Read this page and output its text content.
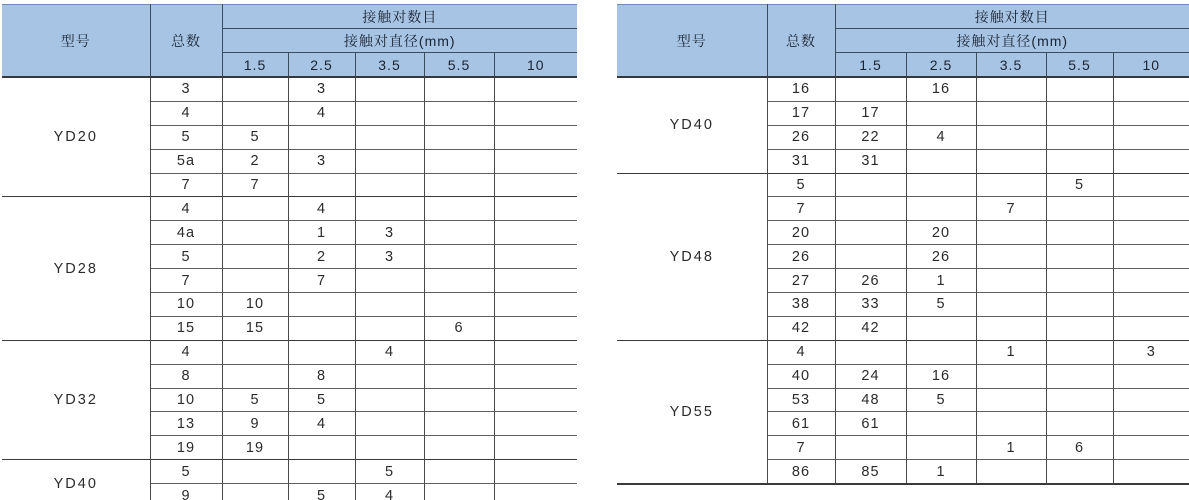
型号	总数	接触对数目				
		接触对直径(mm)				
		1.5	2.5	3.5	5.5	10
YD20	3		3			
	4		4			
	5	5				
	5a	2	3			
	7	7				
YD28	4		4			
	4a		1	3		
	5		2	3		
	7		7			
	10	10				
	15	15			6	
YD32	4			4		
	8		8			
	10	5	5			
	13	9	4			
	19	19				
YD40	5			5		
	9		5	4		
型号	总数	接触对数目				
		接触对直径(mm)				
		1.5	2.5	3.5	5.5	10
YD40	16		16			
	17	17				
	26	22	4			
	31	31				
YD48	5				5	
	7			7		
	20		20			
	26		26			
	27	26	1			
	38	33	5			
	42	42				
YD55	4			1		3
	40	24	16			
	53	48	5			
	61	61				
	7			1	6	
	86	85	1			
